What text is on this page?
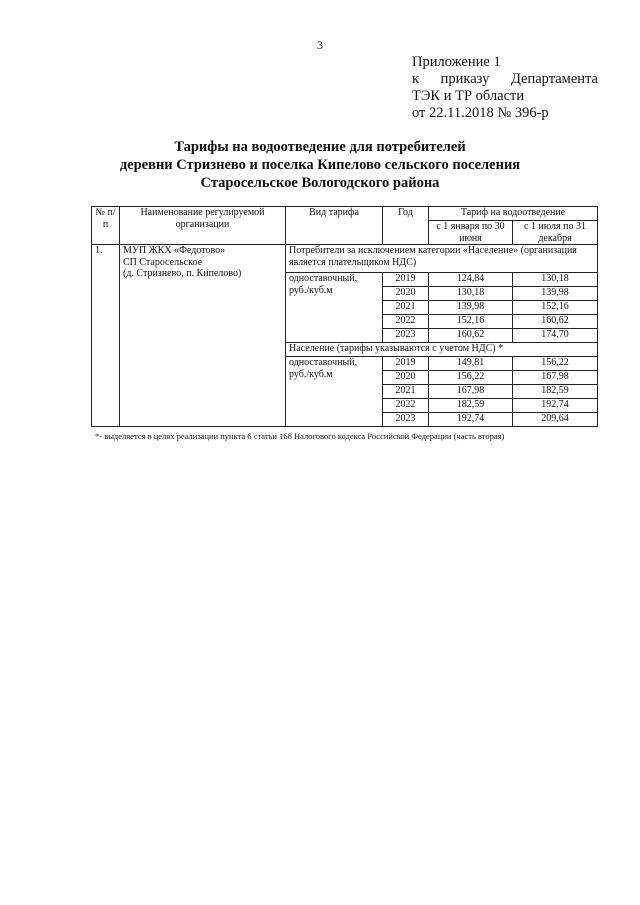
3
Приложение 1
к приказу Департамента
ТЭК и ТР области
от 22.11.2018 № 396-р
Тарифы на водоотведение для потребителей
деревни Стризнево и поселка Кипелово сельского поселения
Старосельское Вологодского района
№ п/п	Наименование регулируемой организации	Вид тарифа	Год	Тариф на водоотведение	
				с 1 января по 30 июня	с 1 июля по 31 декабря
1.	МУП ЖКХ «Федотово»
СП Старосельское
(д. Стризнево, п. Кипелово)	Потребители за исключением категории «Население» (организация является плательщиком НДС)			
		одноставочный, руб./куб.м	2019	124,84	130,18
			2020	130,18	139,98
			2021	139,98	152,16
			2022	152,16	160,62
			2023	160,62	174,70
		Население (тарифы указываются с учетом НДС) *			
		одноставочный, руб./куб.м	2019	149,81	156,22
			2020	156,22	167,98
			2021	167,98	182,59
			2022	182,59	192,74
			2023	192,74	209,64
*- выделяется в целях реализации пункта 6 статьи 168 Налогового кодекса Российской Федерации (часть вторая)
